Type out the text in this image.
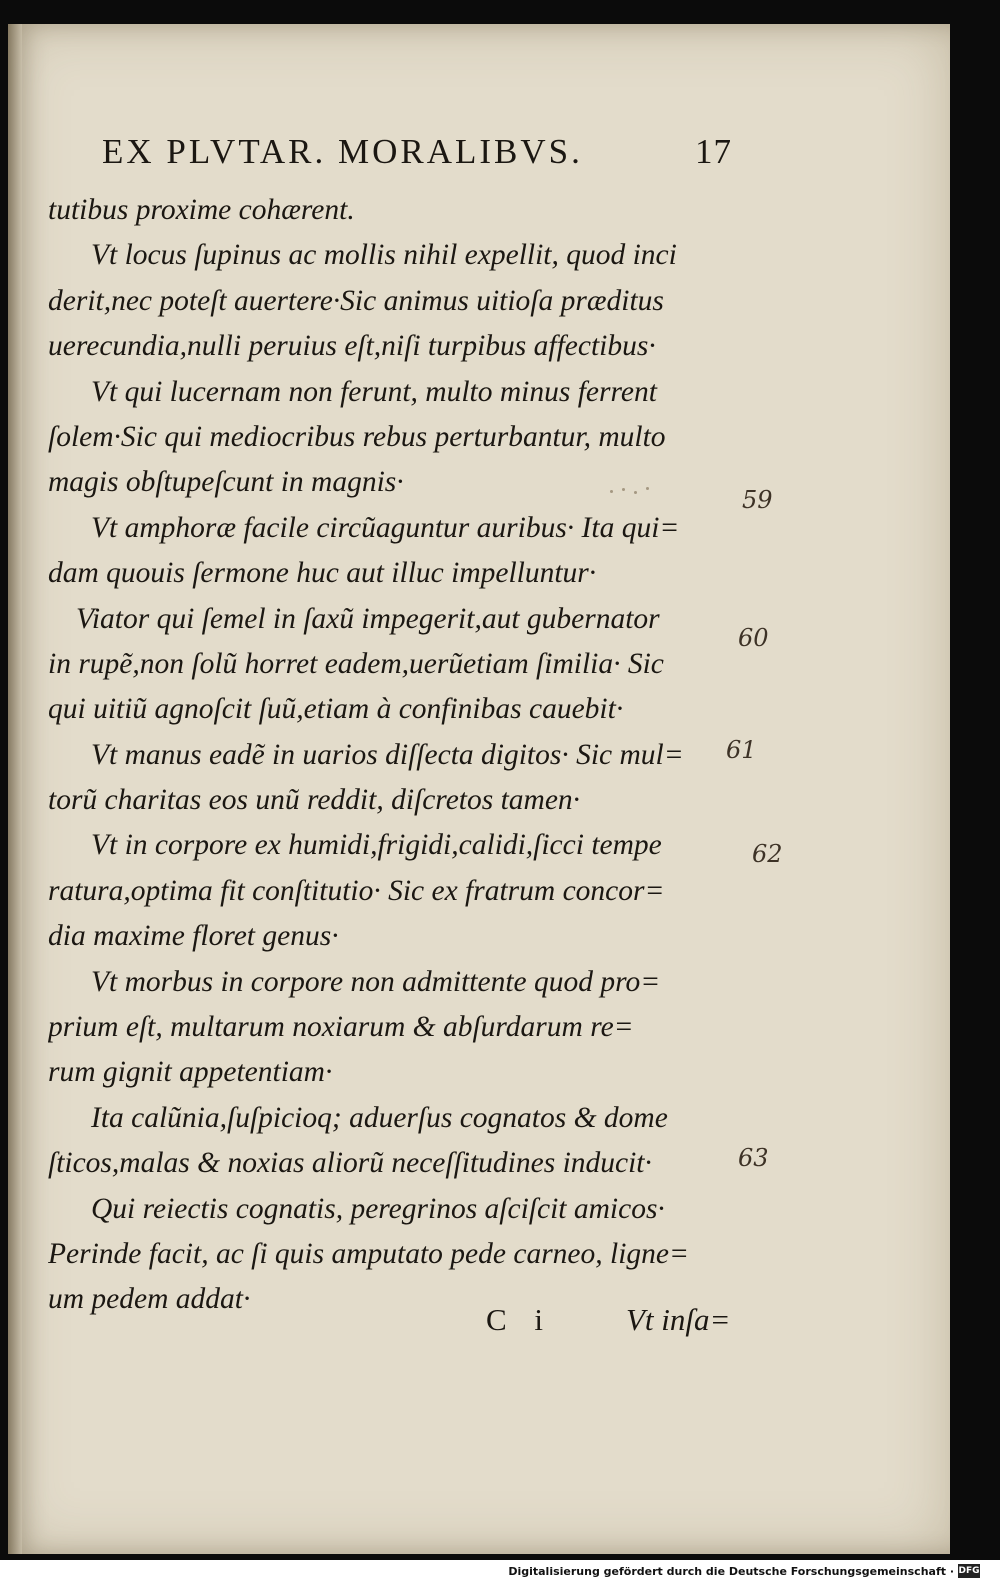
EX PLVTAR. MORALIBVS.	17
tutibus proxime cohærent.
Vt locus ſupinus ac mollis nihil expellit, quod inci
derit,nec poteſt auertere·Sic animus uitioſa præditus
uerecundia,nulli peruius eſt,niſi turpibus affectibus·
Vt qui lucernam non ferunt, multo minus ferrent
ſolem·Sic qui mediocribus rebus perturbantur, multo
magis obſtupeſcunt in magnis·
Vt amphoræ facile circũaguntur auribus· Ita qui=
dam quouis ſermone huc aut illuc impelluntur·
Viator qui ſemel in ſaxũ impegerit,aut gubernator
in rupẽ,non ſolũ horret eadem,uerũetiam ſimilia· Sic
qui uitiũ agnoſcit ſuũ,etiam à confinibas cauebit·
Vt manus eadẽ in uarios diſſecta digitos· Sic mul=
torũ charitas eos unũ reddit, diſcretos tamen·
Vt in corpore ex humidi,frigidi,calidi,ſicci tempe
ratura,optima fit conſtitutio· Sic ex fratrum concor=
dia maxime floret genus·
Vt morbus in corpore non admittente quod pro=
prium eſt, multarum noxiarum & abſurdarum re=
rum gignit appetentiam·
Ita calũnia,ſuſpicioq; aduerſus cognatos & dome
ſticos,malas & noxias aliorũ neceſſitudines inducit·
Qui reiectis cognatis, peregrinos aſciſcit amicos·
Perinde facit, ac ſi quis amputato pede carneo, ligne=
um pedem addat·
C i Vt inſa=
59
60
61
62
63
Digitalisierung gefördert durch die Deutsche Forschungsgemeinschaft · DFG
